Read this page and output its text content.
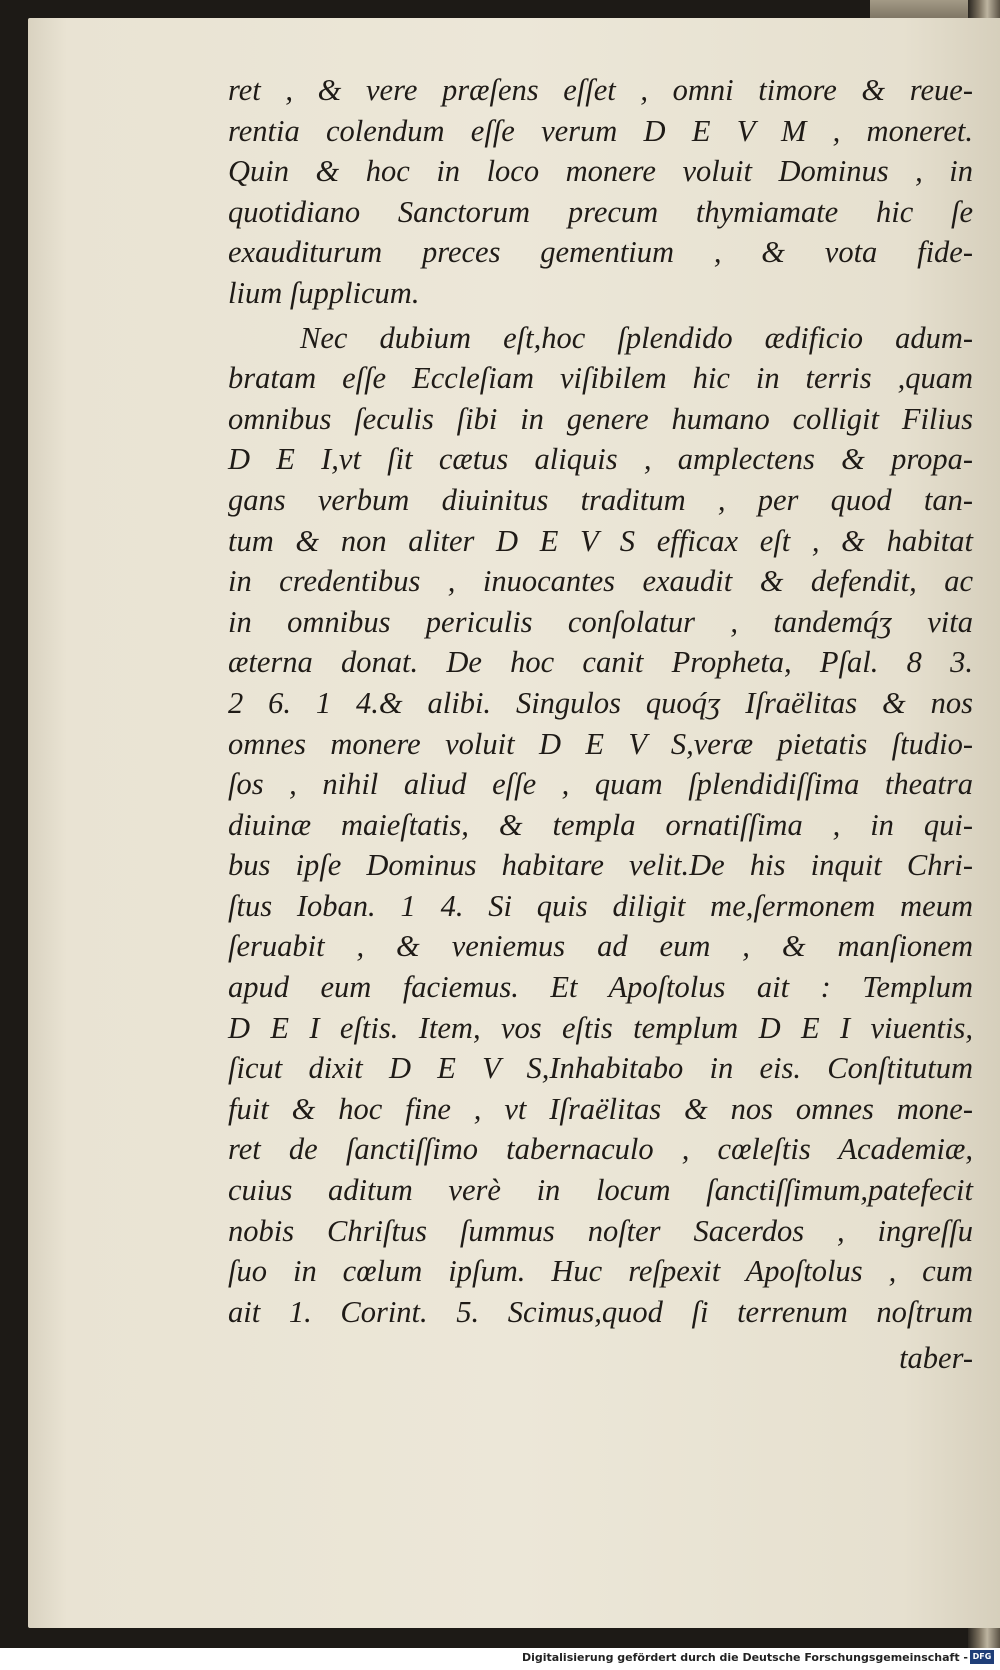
ret , & vere præſens eſſet , omni timore & reue-
rentia colendum eſſe verum D E V M , moneret.
Quin & hoc in loco monere voluit Dominus , in
quotidiano Sanctorum precum thymiamate hic ſe
exauditurum preces gementium , & vota fide-
lium ſupplicum.
Nec dubium eſt,hoc ſplendido ædificio adum-
bratam eſſe Eccleſiam viſibilem hic in terris ,quam
omnibus ſeculis ſibi in genere humano colligit Filius
D E I,vt ſit cætus aliquis , amplectens & propa-
gans verbum diuinitus traditum , per quod tan-
tum & non aliter D E V S efficax eſt , & habitat
in credentibus , inuocantes exaudit & defendit, ac
in omnibus periculis conſolatur , tandemq́ʒ vita
æterna donat. De hoc canit Propheta, Pſal. 8 3.
2 6. 1 4.& alibi. Singulos quoq́ʒ Iſraëlitas & nos
omnes monere voluit D E V S,veræ pietatis ſtudio-
ſos , nihil aliud eſſe , quam ſplendidiſſima theatra
diuinæ maieſtatis, & templa ornatiſſima , in qui-
bus ipſe Dominus habitare velit.De his inquit Chri-
ſtus Ioban. 1 4. Si quis diligit me,ſermonem meum
ſeruabit , & veniemus ad eum , & manſionem
apud eum faciemus. Et Apoſtolus ait : Templum
D E I eſtis. Item, vos eſtis templum D E I viuentis,
ſicut dixit D E V S,Inhabitabo in eis. Conſtitutum
fuit & hoc fine , vt Iſraëlitas & nos omnes mone-
ret de ſanctiſſimo tabernaculo , cœleſtis Academiæ,
cuius aditum verè in locum ſanctiſſimum,patefecit
nobis Chriſtus ſummus noſter Sacerdos , ingreſſu
ſuo in cœlum ipſum. Huc reſpexit Apoſtolus , cum
ait 1. Corint. 5. Scimus,quod ſi terrenum noſtrum
taber-
Digitalisierung gefördert durch die Deutsche Forschungsgemeinschaft - DFG
